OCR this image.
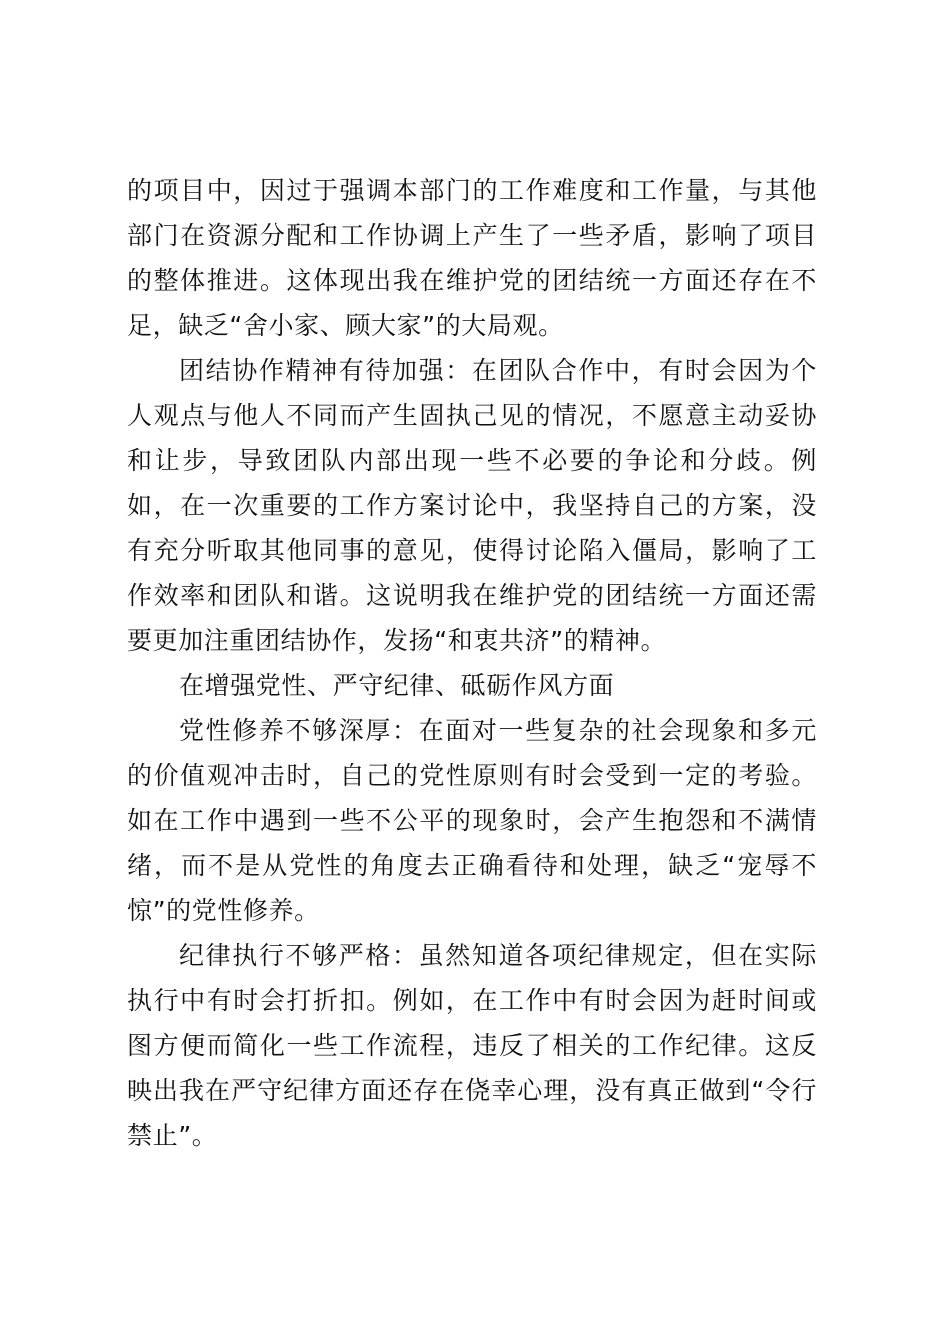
的项目中，因过于强调本部门的工作难度和工作量，与其他部门在资源分配和工作协调上产生了一些矛盾，影响了项目的整体推进。这体现出我在维护党的团结统一方面还存在不足，缺乏“舍小家、顾大家”的大局观。

团结协作精神有待加强：在团队合作中，有时会因为个人观点与他人不同而产生固执己见的情况，不愿意主动妥协和让步，导致团队内部出现一些不必要的争论和分歧。例如，在一次重要的工作方案讨论中，我坚持自己的方案，没有充分听取其他同事的意见，使得讨论陷入僵局，影响了工作效率和团队和谐。这说明我在维护党的团结统一方面还需要更加注重团结协作，发扬“和衷共济”的精神。

在增强党性、严守纪律、砥砺作风方面

党性修养不够深厚：在面对一些复杂的社会现象和多元的价值观冲击时，自己的党性原则有时会受到一定的考验。如在工作中遇到一些不公平的现象时，会产生抱怨和不满情绪，而不是从党性的角度去正确看待和处理，缺乏“宠辱不惊”的党性修养。

纪律执行不够严格：虽然知道各项纪律规定，但在实际执行中有时会打折扣。例如，在工作中有时会因为赶时间或图方便而简化一些工作流程，违反了相关的工作纪律。这反映出我在严守纪律方面还存在侥幸心理，没有真正做到“令行禁止”。
